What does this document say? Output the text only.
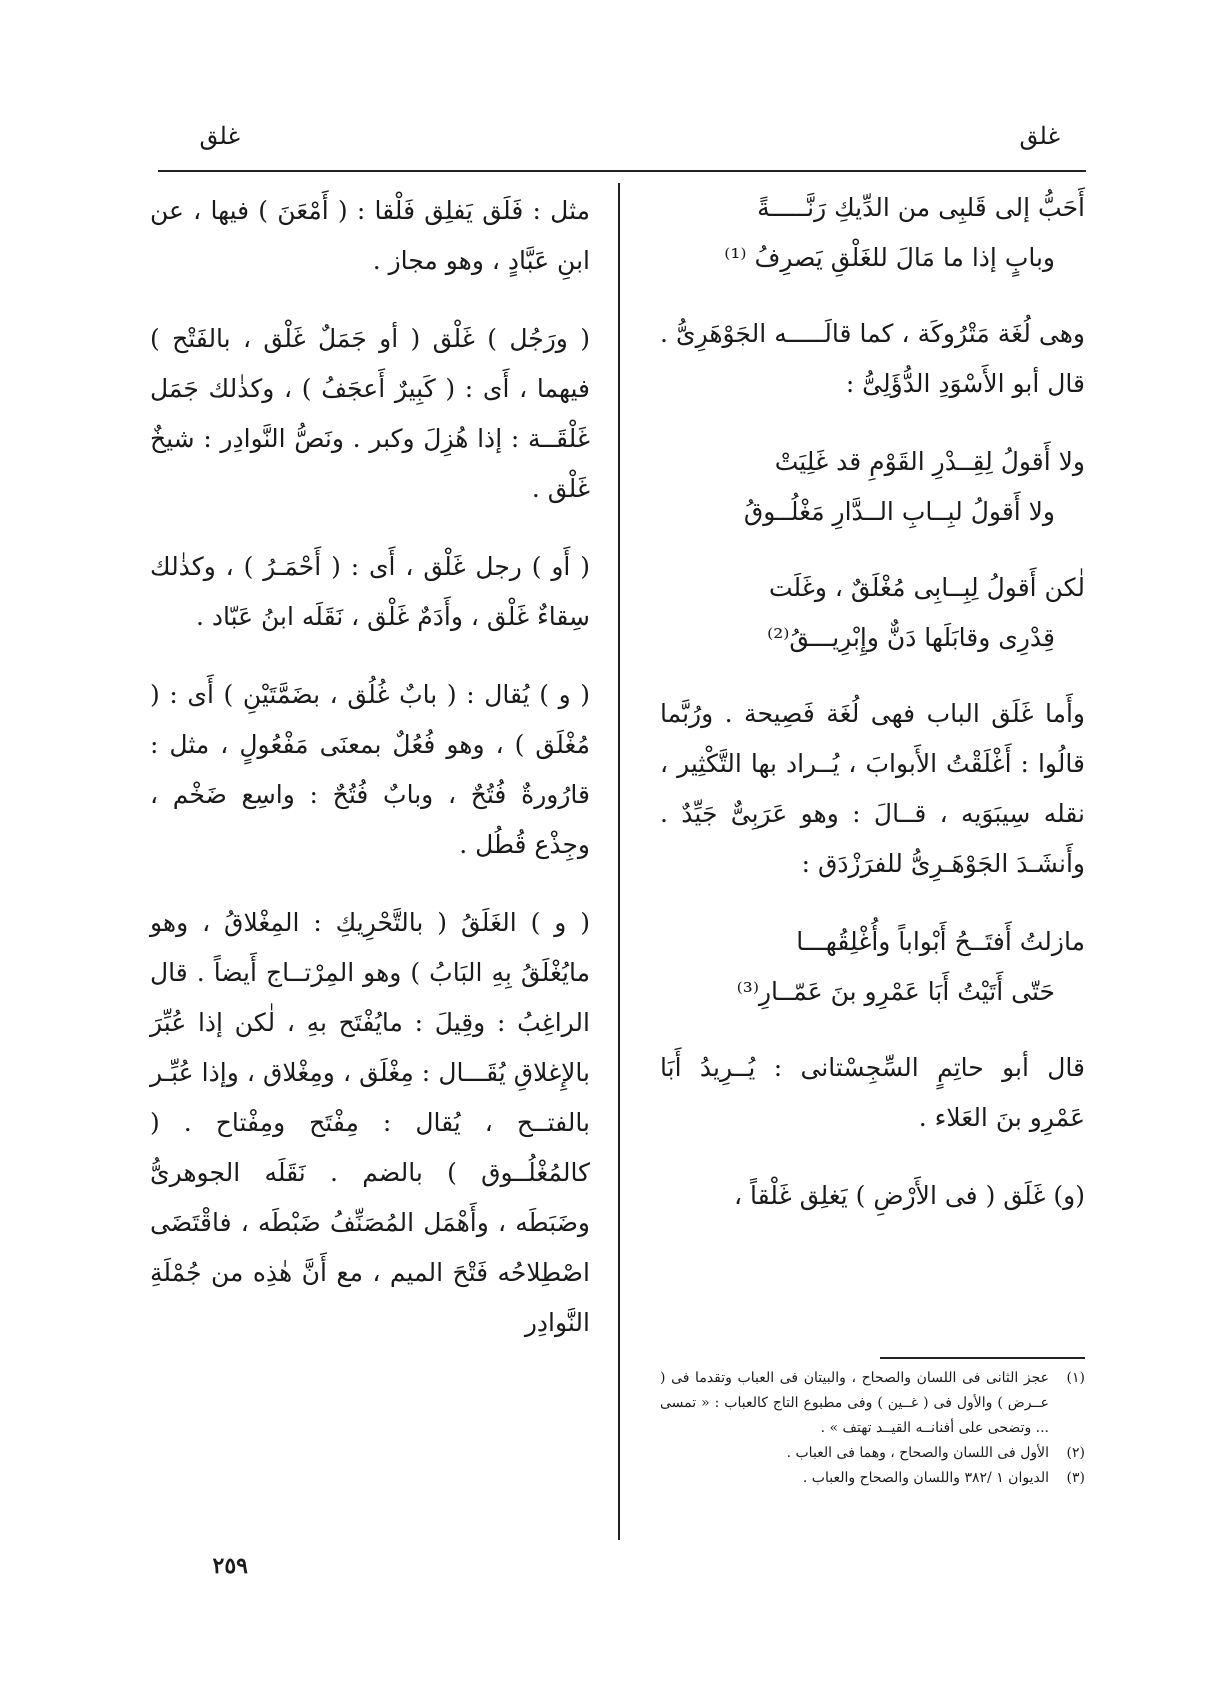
غلق
غلق
أَحَبُّ إلى قَلبِى من الدِّيكِ رَنَّـــــةً
وبابٍ إذا ما مَالَ للغَلْقِ يَصرِفُ ⁽¹⁾

وهى لُغَة مَتْرُوكَة ، كما قالَـــــه الجَوْهَرِىُّ . قال أبو الأَسْوَدِ الدُّؤَلِىُّ :

ولا أَقولُ لِقِــدْرِ القَوْمِ قد غَلِيَتْ
ولا أَقولُ لبِــابِ الــدَّارِ مَغْلُــوقُ
لٰكن أَقولُ لِبِــابِى مُغْلَقٌ ، وغَلَت
قِدْرِى وقابَلَها دَنٌّ وإِبْرِيـــقُ⁽²⁾

وأَما غَلَق الباب فهى لُغَة فَصِيحة . ورُبَّما قالُوا : أَغْلَقْتُ الأَبوابَ ، يُــراد بها التَّكْثِير ، نقله سِيبَوَيه ، قــالَ : وهو عَرَبِىٌّ جَيِّدٌ . وأَنشَـدَ الجَوْهَـرِىُّ للفرَزْدَق :

مازلتُ أَفتَــحُ أَبْواباً وأُغْلِقُهـــا
حَتّى أَتَيْتُ أَبَا عَمْرِو بنَ عَمّــارِ⁽³⁾

قال أبو حاتِمٍ السِّجِسْتانى : يُــرِيدُ أَبَا عَمْرِو بنَ العَلاء .

(و) غَلَق ( فى الأَرْضِ ) يَغلِق غَلْقاً ،

(١)
عجز الثانى فى اللسان والصحاح ، والبيتان فى العباب وتقدما فى ( عــرض ) والأول فى ( غــين ) وفى مطبوع التاج كالعباب : « تمسى ... وتضحى على أفنانــه القيــد تهتف » .
(٢)
الأول فى اللسان والصحاح ، وهما فى العباب .
(٣)
الديوان ١ /٣٨٢ واللسان والصحاح والعباب .

مثل : فَلَق يَفلِق فَلْقا : ( أَمْعَنَ ) فيها ، عن ابنِ عَبَّادٍ ، وهو مجاز .

( ورَجُل ) غَلْق ( أو جَمَلٌ غَلْق ، بالفَتْح ) فيهما ، أَى : ( كَبِيرٌ أَعجَفُ ) ، وكذٰلك جَمَل غَلْقَــة : إذا هُزِلَ وكبر . ونَصُّ النَّوادِر : شيخٌ غَلْق .

( أَو ) رجل غَلْق ، أَى : ( أَحْمَـرُ ) ، وكذٰلك سِقاءٌ غَلْق ، وأَدَمٌ غَلْق ، نَقَلَه ابنُ عَبّاد .

( و ) يُقال : ( بابٌ غُلُق ، بضَمَّتَيْنِ ) أَى : ( مُغْلَق ) ، وهو فُعُلٌ بمعنَى مَفْعُولٍ ، مثل : قارُورةٌ فُتُحٌ ، وبابٌ فُتُحٌ : واسِع ضَخْم ، وجِذْع قُطُل .

( و ) الغَلَقُ ( بالتَّحْرِيكِ : المِغْلاقُ ، وهو مايُغْلَقُ بِهِ البَابُ ) وهو المِرْتــاج أَيضاً . قال الراغِبُ : وقِيلَ : مايُفْتَح بهِ ، لٰكن إذا عُبِّرَ بالإِغلاقِ يُقَـــال : مِغْلَق ، ومِغْلاق ، وإذا عُبِّـر بالفتــح ، يُقال : مِفْتَح ومِفْتاح . ( كالمُغْلُــوق ) بالضم . نَقَلَه الجوهرىُّ وضَبَطَه ، وأَهْمَل المُصَنِّفُ ضَبْطَه ، فاقْتَضَى اصْطِلاحُه فَتْحَ الميم ، مع أَنَّ هٰذِه من جُمْلَةِ النَّوادِر

٢٥٩
